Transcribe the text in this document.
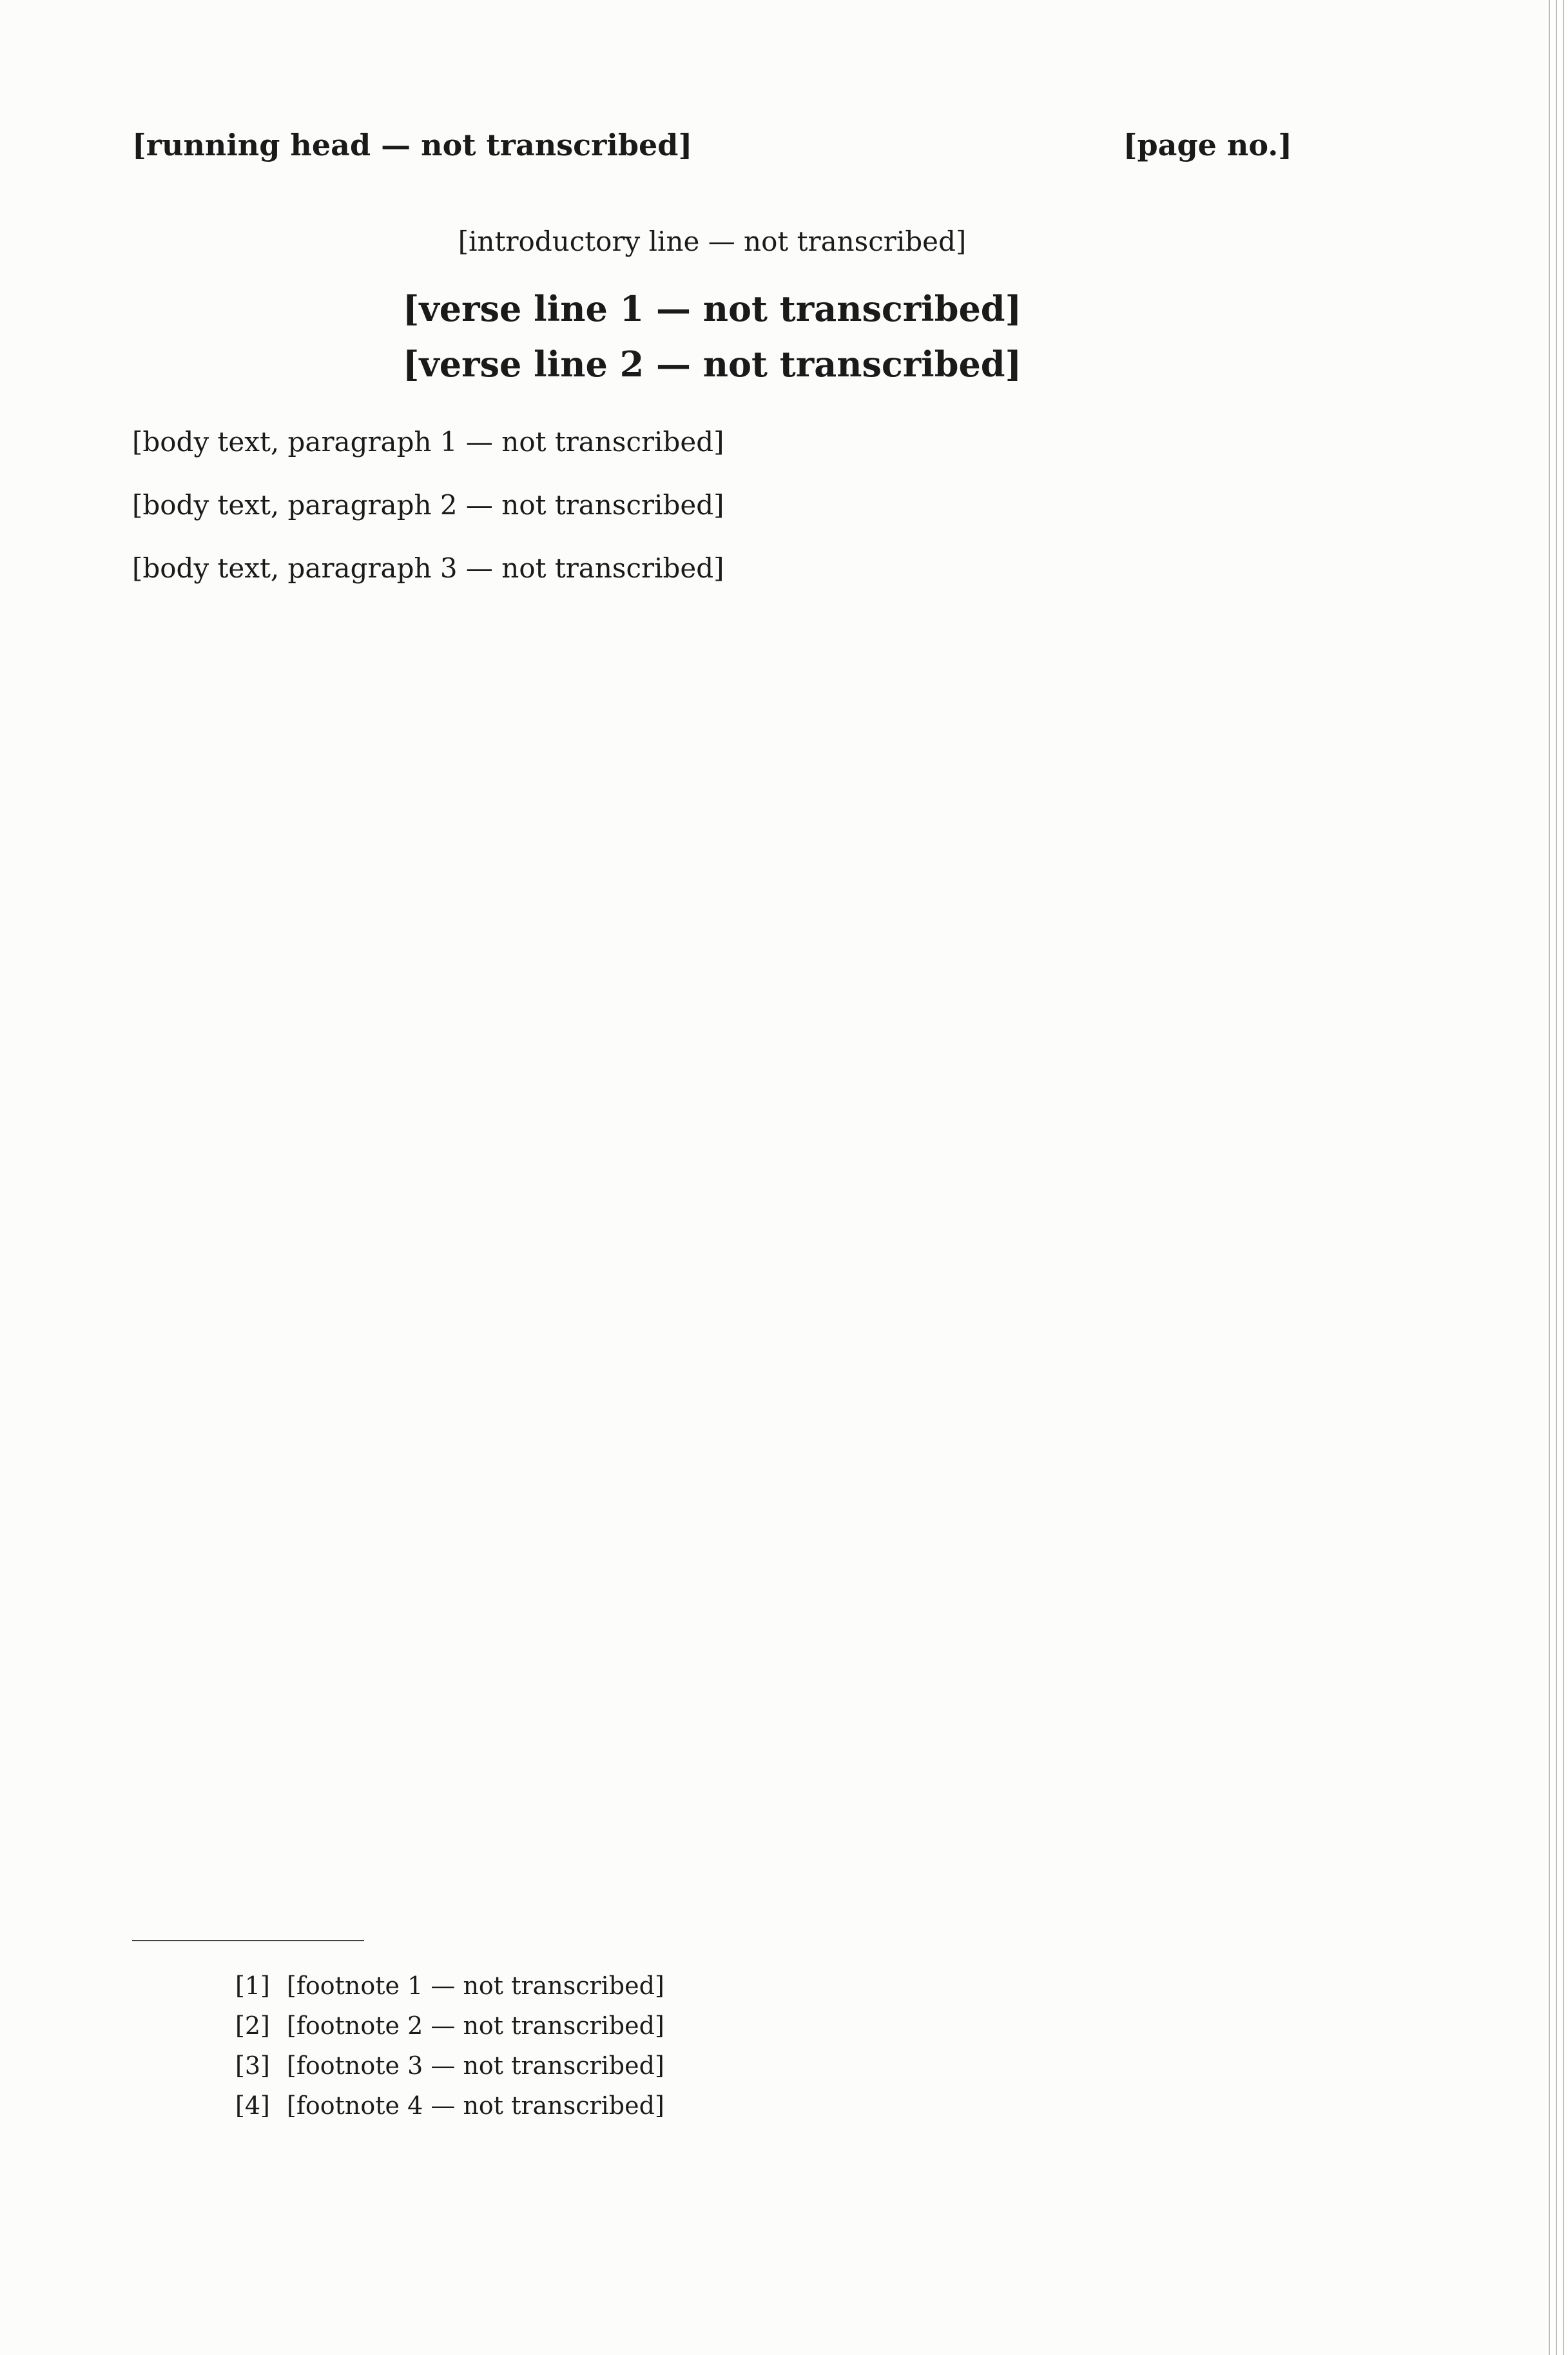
[running head — not transcribed]	[page no.]

[introductory line — not transcribed]

[verse line 1 — not transcribed]
[verse line 2 — not transcribed]

[body text, paragraph 1 — not transcribed]

[body text, paragraph 2 — not transcribed]

[body text, paragraph 3 — not transcribed]

[1] [footnote 1 — not transcribed]
[2] [footnote 2 — not transcribed]
[3] [footnote 3 — not transcribed]
[4] [footnote 4 — not transcribed]
